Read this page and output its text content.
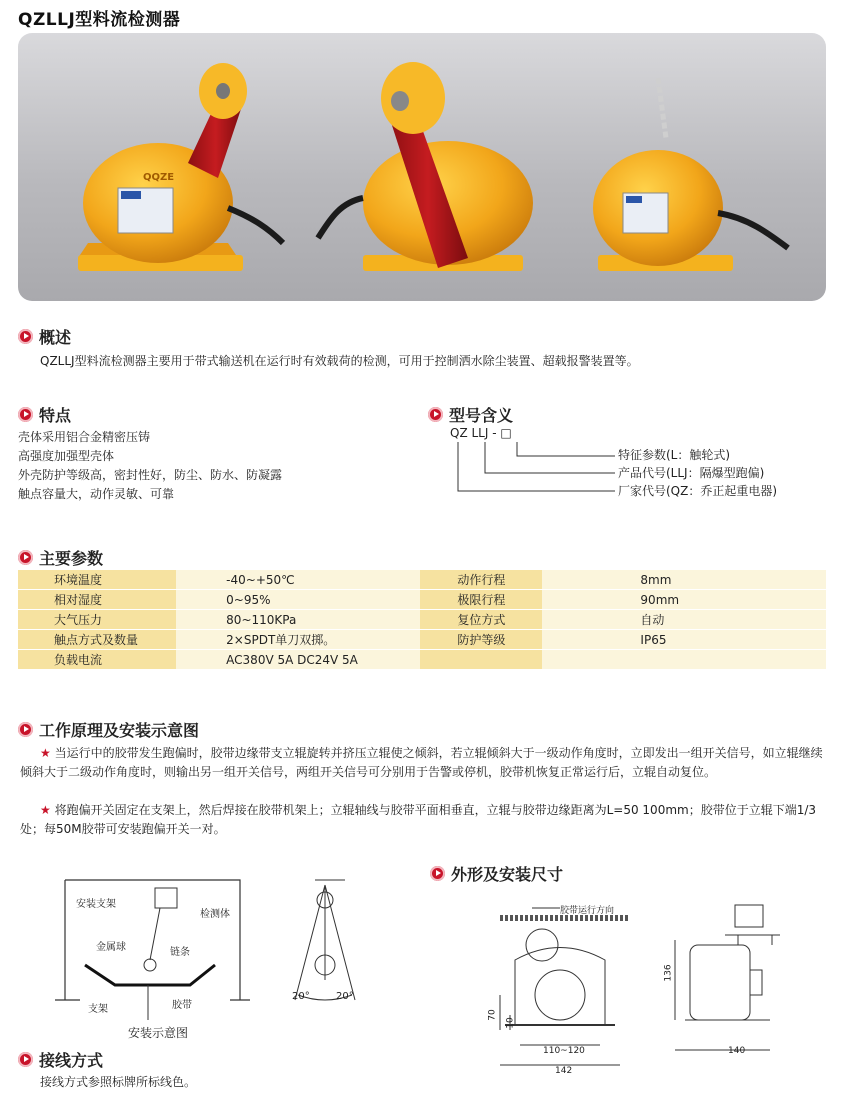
QZLLJ型料流检测器
QQZE
概述
QZLLJ型料流检测器主要用于带式输送机在运行时有效载荷的检测，可用于控制洒水除尘装置、超载报警装置等。
特点
壳体采用铝合金精密压铸
高强度加强型壳体
外壳防护等级高，密封性好，防尘、防水、防凝露
触点容量大，动作灵敏、可靠
型号含义
QZ LLJ - □
特征参数(L：触轮式)
产品代号(LLJ：隔爆型跑偏)
厂家代号(QZ：乔正起重电器)
主要参数
环境温度	-40~+50℃	动作行程	8mm
相对湿度	0~95%	极限行程	90mm
大气压力	80~110KPa	复位方式	自动
触点方式及数量	2×SPDT单刀双掷。	防护等级	IP65
负载电流	AC380V 5A DC24V 5A		
工作原理及安装示意图
★ 当运行中的胶带发生跑偏时，胶带边缘带支立辊旋转并挤压立辊使之倾斜，若立辊倾斜大于一级动作角度时，立即发出一组开关信号，如立辊继续倾斜大于二级动作角度时，则输出另一组开关信号，两组开关信号可分别用于告警或停机，胶带机恢复正常运行后，立辊自动复位。
★ 将跑偏开关固定在支架上，然后焊接在胶带机架上；立辊轴线与胶带平面相垂直，立辊与胶带边缘距离为L=50 100mm；胶带位于立辊下端1/3处；每50M胶带可安装跑偏开关一对。
安装支架
检测体
金属球	链条
支架	胶带
20°	20°
安装示意图
外形及安装尺寸
胶带运行方向
136
70
10
110~120
142
140
接线方式
接线方式参照标牌所标线色。
